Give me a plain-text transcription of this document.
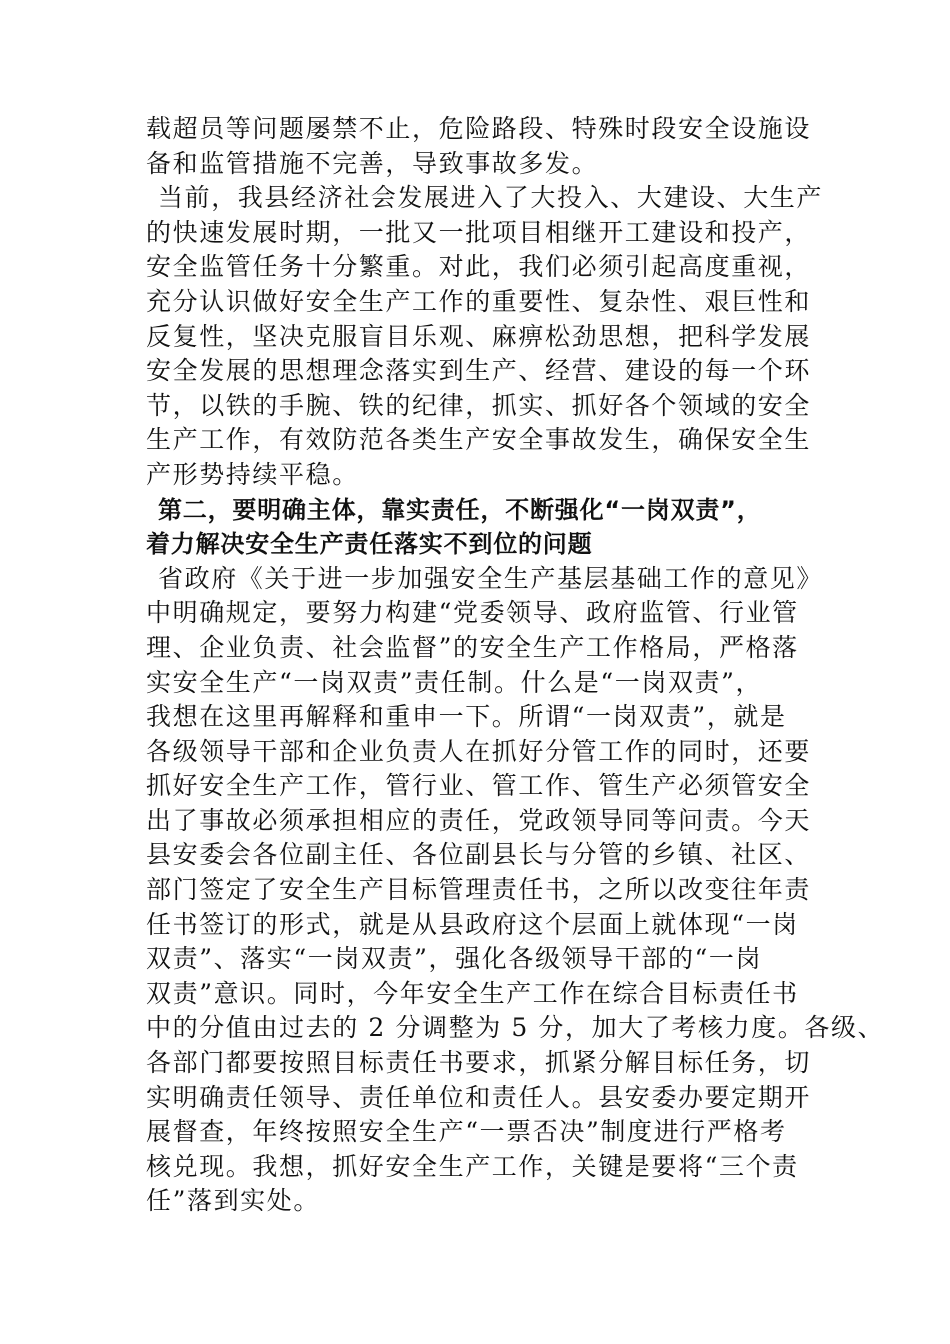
载超员等问题屡禁不止，危险路段、特殊时段安全设施设
备和监管措施不完善，导致事故多发。
当前，我县经济社会发展进入了大投入、大建设、大生产
的快速发展时期，一批又一批项目相继开工建设和投产，
安全监管任务十分繁重。对此，我们必须引起高度重视，
充分认识做好安全生产工作的重要性、复杂性、艰巨性和
反复性，坚决克服盲目乐观、麻痹松劲思想，把科学发展
安全发展的思想理念落实到生产、经营、建设的每一个环
节，以铁的手腕、铁的纪律，抓实、抓好各个领域的安全
生产工作，有效防范各类生产安全事故发生，确保安全生
产形势持续平稳。
第二，要明确主体，靠实责任，不断强化“一岗双责”，
着力解决安全生产责任落实不到位的问题
省政府《关于进一步加强安全生产基层基础工作的意见》
中明确规定，要努力构建“党委领导、政府监管、行业管
理、企业负责、社会监督”的安全生产工作格局，严格落
实安全生产“一岗双责”责任制。什么是“一岗双责”，
我想在这里再解释和重申一下。所谓“一岗双责”，就是
各级领导干部和企业负责人在抓好分管工作的同时，还要
抓好安全生产工作，管行业、管工作、管生产必须管安全
出了事故必须承担相应的责任，党政领导同等问责。今天
县安委会各位副主任、各位副县长与分管的乡镇、社区、
部门签定了安全生产目标管理责任书，之所以改变往年责
任书签订的形式，就是从县政府这个层面上就体现“一岗
双责”、落实“一岗双责”，强化各级领导干部的“一岗
双责”意识。同时，今年安全生产工作在综合目标责任书
中的分值由过去的 2 分调整为 5 分，加大了考核力度。各级、
各部门都要按照目标责任书要求，抓紧分解目标任务，切
实明确责任领导、责任单位和责任人。县安委办要定期开
展督查，年终按照安全生产“一票否决”制度进行严格考
核兑现。我想，抓好安全生产工作，关键是要将“三个责
任”落到实处。
